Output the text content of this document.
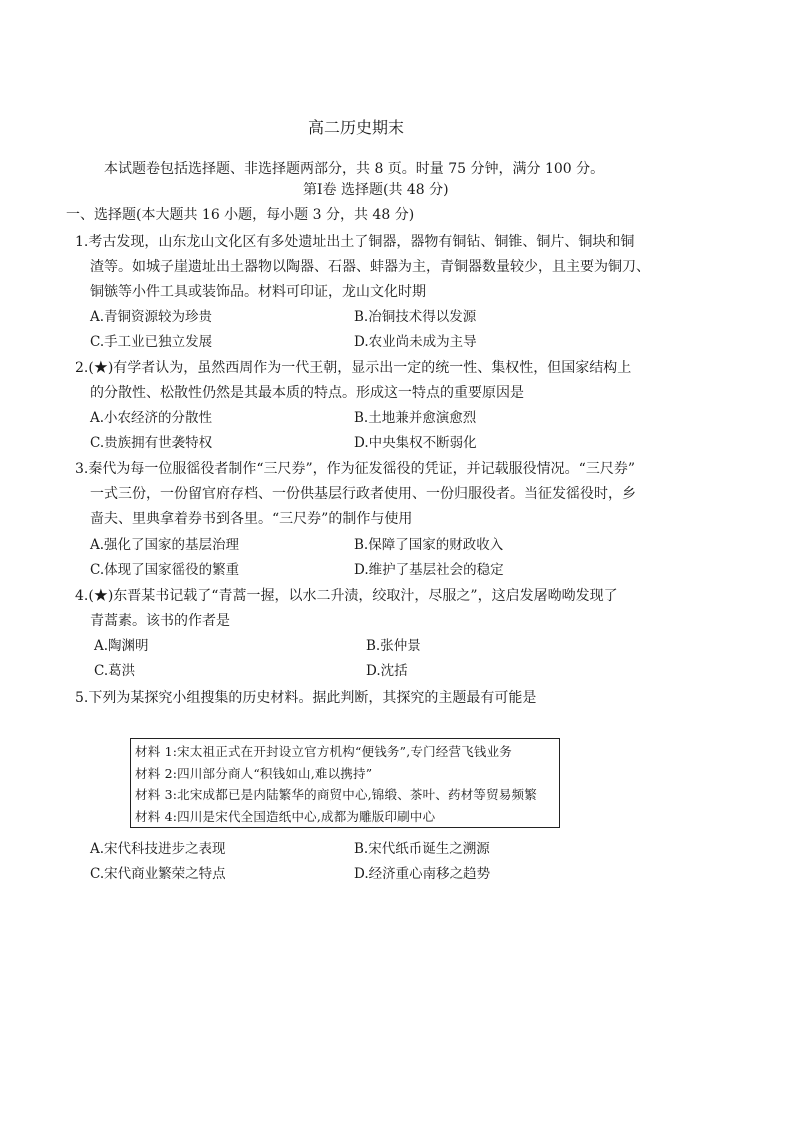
高二历史期末
本试题卷包括选择题、非选择题两部分，共 8 页。时量 75 分钟，满分 100 分。
第Ⅰ卷 选择题(共 48 分)
一、选择题(本大题共 16 小题，每小题 3 分，共 48 分)
1.考古发现，山东龙山文化区有多处遗址出土了铜器，器物有铜钻、铜锥、铜片、铜块和铜
渣等。如城子崖遗址出土器物以陶器、石器、蚌器为主，青铜器数量较少，且主要为铜刀、
铜镞等小件工具或装饰品。材料可印证，龙山文化时期
A.青铜资源较为珍贵	B.冶铜技术得以发源
C.手工业已独立发展	D.农业尚未成为主导
2.(★)有学者认为，虽然西周作为一代王朝，显示出一定的统一性、集权性，但国家结构上
的分散性、松散性仍然是其最本质的特点。形成这一特点的重要原因是
A.小农经济的分散性	B.土地兼并愈演愈烈
C.贵族拥有世袭特权	D.中央集权不断弱化
3.秦代为每一位服徭役者制作“三尺券”，作为征发徭役的凭证，并记载服役情况。“三尺券”
一式三份，一份留官府存档、一份供基层行政者使用、一份归服役者。当征发徭役时，乡
啬夫、里典拿着券书到各里。“三尺券”的制作与使用
A.强化了国家的基层治理	B.保障了国家的财政收入
C.体现了国家徭役的繁重	D.维护了基层社会的稳定
4.(★)东晋某书记载了“青蒿一握，以水二升渍，绞取汁，尽服之”，这启发屠呦呦发现了
青蒿素。该书的作者是
A.陶渊明	B.张仲景
C.葛洪	D.沈括
5.下列为某探究小组搜集的历史材料。据此判断，其探究的主题最有可能是
材料 1:宋太祖正式在开封设立官方机构“便钱务”,专门经营飞钱业务
材料 2:四川部分商人“积钱如山,难以携持”
材料 3:北宋成都已是内陆繁华的商贸中心,锦缎、茶叶、药材等贸易频繁
材料 4:四川是宋代全国造纸中心,成都为雕版印刷中心
A.宋代科技进步之表现	B.宋代纸币诞生之溯源
C.宋代商业繁荣之特点	D.经济重心南移之趋势
